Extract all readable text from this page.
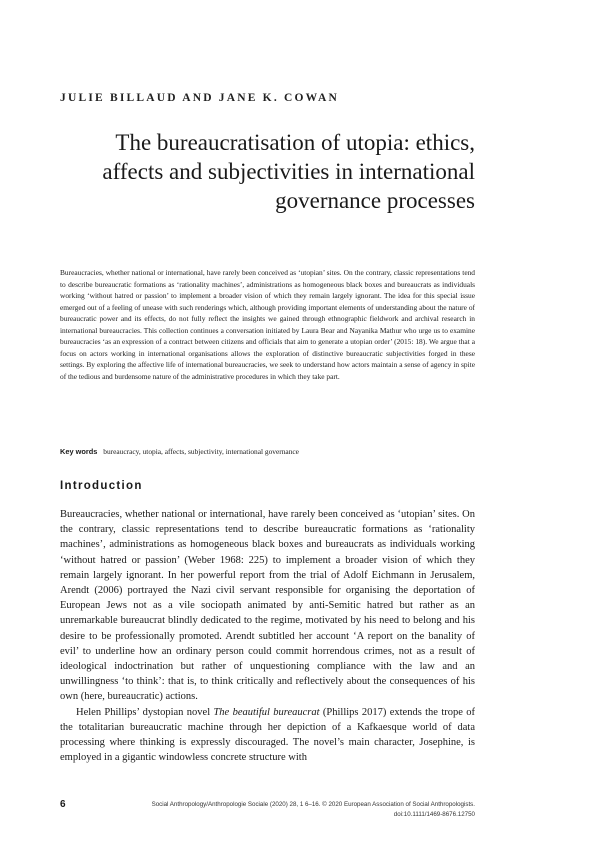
JULIE BILLAUD AND JANE K. COWAN
The bureaucratisation of utopia: ethics,
affects and subjectivities in international
governance processes

Bureaucracies, whether national or international, have rarely been conceived as ‘utopian’ sites. On the contrary, classic representations tend to describe bureaucratic formations as ‘rationality machines’, administrations as homogeneous black boxes and bureaucrats as individuals working ‘without hatred or passion’ to implement a broader vision of which they remain largely ignorant. The idea for this special issue emerged out of a feeling of unease with such renderings which, although providing important elements of understanding about the nature of bureaucratic power and its effects, do not fully reflect the insights we gained through ethnographic fieldwork and archival research in international bureaucracies. This collection continues a conversation initiated by Laura Bear and Nayanika Mathur who urge us to examine bureaucracies ‘as an expression of a contract between citizens and officials that aim to generate a utopian order’ (2015: 18). We argue that a focus on actors working in international organisations allows the exploration of distinctive bureaucratic subjectivities forged in these settings. By exploring the affective life of international bureaucracies, we seek to understand how actors maintain a sense of agency in spite of the tedious and burdensome nature of the administrative procedures in which they take part.

Key words bureaucracy, utopia, affects, subjectivity, international governance

Introduction

Bureaucracies, whether national or international, have rarely been conceived as ‘utopian’ sites. On the contrary, classic representations tend to describe bureaucratic formations as ‘rationality machines’, administrations as homogeneous black boxes and bureaucrats as individuals working ‘without hatred or passion’ (Weber 1968: 225) to implement a broader vision of which they remain largely ignorant. In her powerful report from the trial of Adolf Eichmann in Jerusalem, Arendt (2006) portrayed the Nazi civil servant responsible for organising the deportation of European Jews not as a vile sociopath animated by anti-Semitic hatred but rather as an unremarkable bureaucrat blindly dedicated to the regime, motivated by his need to belong and his desire to be professionally promoted. Arendt subtitled her account ‘A report on the banality of evil’ to underline how an ordinary person could commit horrendous crimes, not as a result of ideological indoctrination but rather of unquestioning compliance with the law and an unwillingness ‘to think’: that is, to think critically and reflectively about the consequences of his own (here, bureaucratic) actions.

Helen Phillips’ dystopian novel The beautiful bureaucrat (Phillips 2017) extends the trope of the totalitarian bureaucratic machine through her depiction of a Kafkaesque world of data processing where thinking is expressly discouraged. The novel’s main character, Josephine, is employed in a gigantic windowless concrete structure with

6	Social Anthropology/Anthropologie Sociale (2020) 28, 1 6–16. © 2020 European Association of Social Anthropologists.
doi:10.1111/1469-8676.12750
